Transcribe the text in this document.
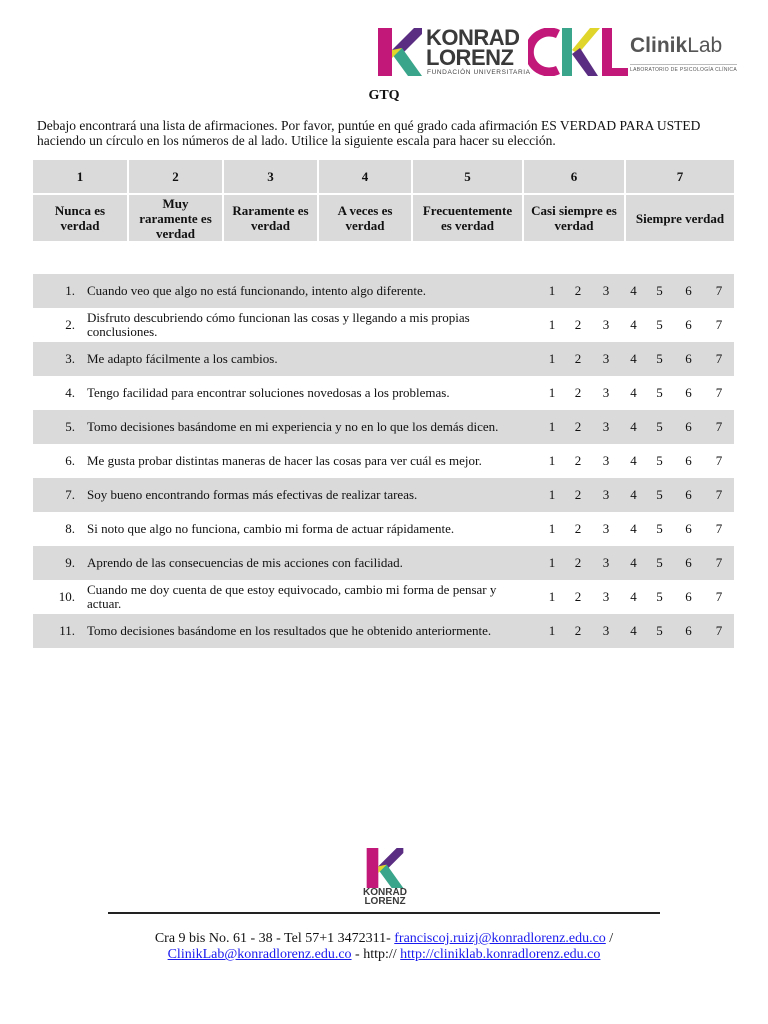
KONRAD
LORENZ
FUNDACIÓN UNIVERSITARIA
ClinikLab
LABORATORIO DE PSICOLOGÍA CLÍNICA
GTQ
Debajo encontrará una lista de afirmaciones. Por favor, puntúe en qué grado cada afirmación ES VERDAD PARA USTED haciendo un círculo en los números de al lado. Utilice la siguiente escala para hacer su elección.
1	2	3	4	5	6	7
Nunca es verdad	Muy raramente es verdad	Raramente es verdad	A veces es verdad	Frecuentemente es verdad	Casi siempre es verdad	Siempre verdad
1.	Cuando veo que algo no está funcionando, intento algo diferente.	1	2	3	4	5	6	7
2.	Disfruto descubriendo cómo funcionan las cosas y llegando a mis propias conclusiones.	1	2	3	4	5	6	7
3.	Me adapto fácilmente a los cambios.	1	2	3	4	5	6	7
4.	Tengo facilidad para encontrar soluciones novedosas a los problemas.	1	2	3	4	5	6	7
5.	Tomo decisiones basándome en mi experiencia y no en lo que los demás dicen.	1	2	3	4	5	6	7
6.	Me gusta probar distintas maneras de hacer las cosas para ver cuál es mejor.	1	2	3	4	5	6	7
7.	Soy bueno encontrando formas más efectivas de realizar tareas.	1	2	3	4	5	6	7
8.	Si noto que algo no funciona, cambio mi forma de actuar rápidamente.	1	2	3	4	5	6	7
9.	Aprendo de las consecuencias de mis acciones con facilidad.	1	2	3	4	5	6	7
10.	Cuando me doy cuenta de que estoy equivocado, cambio mi forma de pensar y actuar.	1	2	3	4	5	6	7
11.	Tomo decisiones basándome en los resultados que he obtenido anteriormente.	1	2	3	4	5	6	7
KONRAD
LORENZ
Cra 9 bis No. 61 - 38 - Tel 57+1 3472311- franciscoj.ruizj@konradlorenz.edu.co /
ClinikLab@konradlorenz.edu.co - http:// http://cliniklab.konradlorenz.edu.co
